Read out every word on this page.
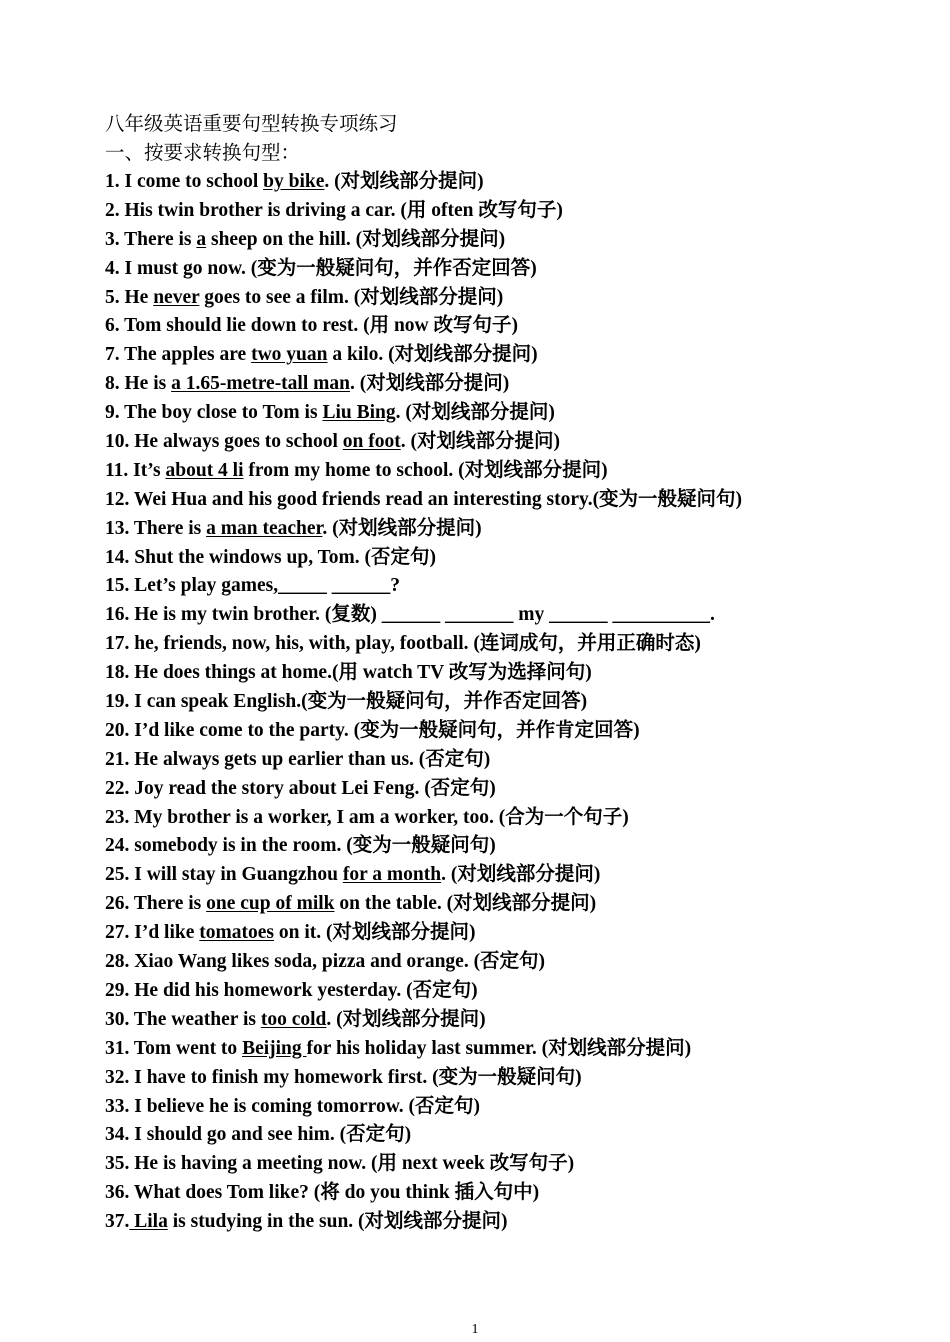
八年级英语重要句型转换专项练习
一、按要求转换句型：
1. I come to school by bike. (对划线部分提问)
2. His twin brother is driving a car. (用 often 改写句子)
3. There is a sheep on the hill. (对划线部分提问)
4. I must go now. (变为一般疑问句，并作否定回答)
5. He never goes to see a film. (对划线部分提问)
6. Tom should lie down to rest. (用 now 改写句子)
7. The apples are two yuan a kilo. (对划线部分提问)
8. He is a 1.65-metre-tall man. (对划线部分提问)
9. The boy close to Tom is Liu Bing. (对划线部分提问)
10. He always goes to school on foot. (对划线部分提问)
11. It’s about 4 li from my home to school. (对划线部分提问)
12. Wei Hua and his good friends read an interesting story.(变为一般疑问句)
13. There is a man teacher. (对划线部分提问)
14. Shut the windows up, Tom. (否定句)
15. Let’s play games,_____ ______?
16. He is my twin brother. (复数) ______ _______ my ______ __________.
17. he, friends, now, his, with, play, football. (连词成句，并用正确时态)
18. He does things at home.(用 watch TV 改写为选择问句)
19. I can speak English.(变为一般疑问句，并作否定回答)
20. I’d like come to the party. (变为一般疑问句，并作肯定回答)
21. He always gets up earlier than us. (否定句)
22. Joy read the story about Lei Feng. (否定句)
23. My brother is a worker, I am a worker, too. (合为一个句子)
24. somebody is in the room. (变为一般疑问句)
25. I will stay in Guangzhou for a month. (对划线部分提问)
26. There is one cup of milk on the table. (对划线部分提问)
27. I’d like tomatoes on it. (对划线部分提问)
28. Xiao Wang likes soda, pizza and orange. (否定句)
29. He did his homework yesterday. (否定句)
30. The weather is too cold. (对划线部分提问)
31. Tom went to Beijing for his holiday last summer. (对划线部分提问)
32. I have to finish my homework first. (变为一般疑问句)
33. I believe he is coming tomorrow. (否定句)
34. I should go and see him. (否定句)
35. He is having a meeting now. (用 next week 改写句子)
36. What does Tom like? (将 do you think 插入句中)
37. Lila is studying in the sun. (对划线部分提问)
1
